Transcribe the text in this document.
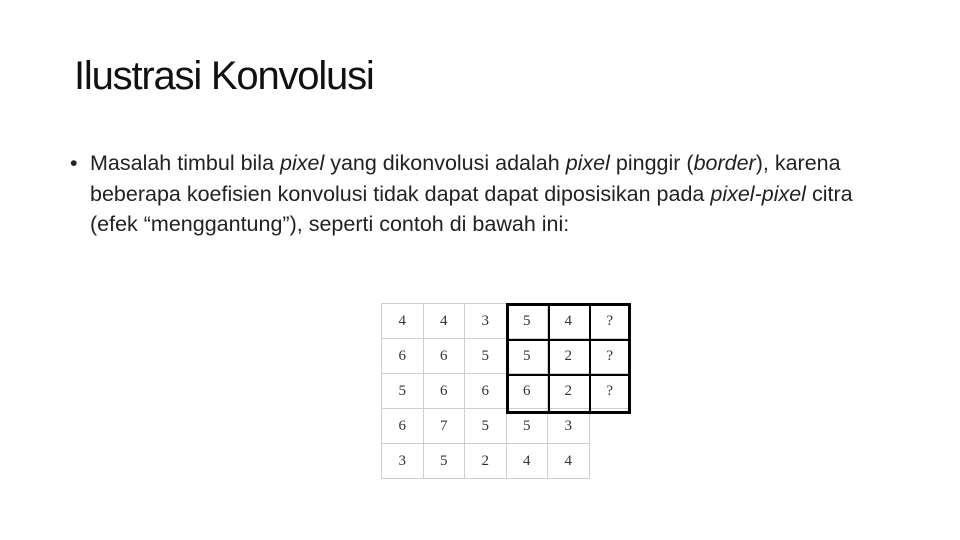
Ilustrasi Konvolusi
• Masalah timbul bila pixel yang dikonvolusi adalah pixel pinggir (border), karena beberapa koefisien konvolusi tidak dapat dapat diposisikan pada pixel-pixel citra (efek “menggantung”), seperti contoh di bawah ini:
4	4	3	5	4	?
6	6	5	5	2	?
5	6	6	6	2	?
6	7	5	5	3	
3	5	2	4	4	
